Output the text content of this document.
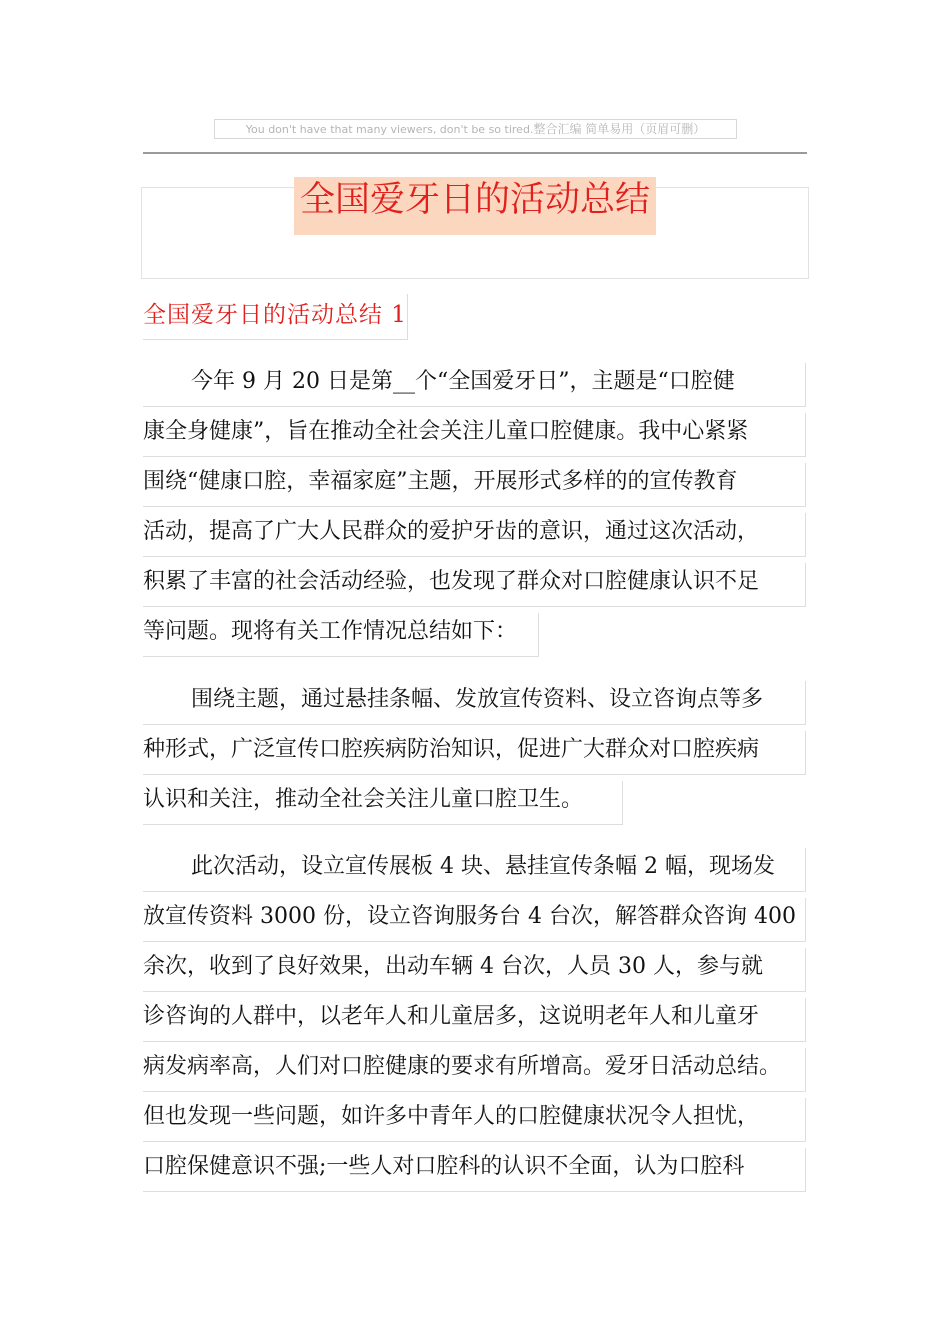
You don't have that many viewers, don't be so tired.整合汇编 简单易用（页眉可删）
全国爱牙日的活动总结
全国爱牙日的活动总结 1
今年 9 月 20 日是第__个“全国爱牙日”，主题是“口腔健
康全身健康”，旨在推动全社会关注儿童口腔健康。我中心紧紧
围绕“健康口腔，幸福家庭”主题，开展形式多样的的宣传教育
活动，提高了广大人民群众的爱护牙齿的意识，通过这次活动，
积累了丰富的社会活动经验，也发现了群众对口腔健康认识不足
等问题。现将有关工作情况总结如下：
围绕主题，通过悬挂条幅、发放宣传资料、设立咨询点等多
种形式，广泛宣传口腔疾病防治知识，促进广大群众对口腔疾病
认识和关注，推动全社会关注儿童口腔卫生。
此次活动，设立宣传展板 4 块、悬挂宣传条幅 2 幅，现场发
放宣传资料 3000 份，设立咨询服务台 4 台次，解答群众咨询 400
余次，收到了良好效果，出动车辆 4 台次，人员 30 人，参与就
诊咨询的人群中，以老年人和儿童居多，这说明老年人和儿童牙
病发病率高，人们对口腔健康的要求有所增高。爱牙日活动总结。
但也发现一些问题，如许多中青年人的口腔健康状况令人担忧，
口腔保健意识不强;一些人对口腔科的认识不全面，认为口腔科
